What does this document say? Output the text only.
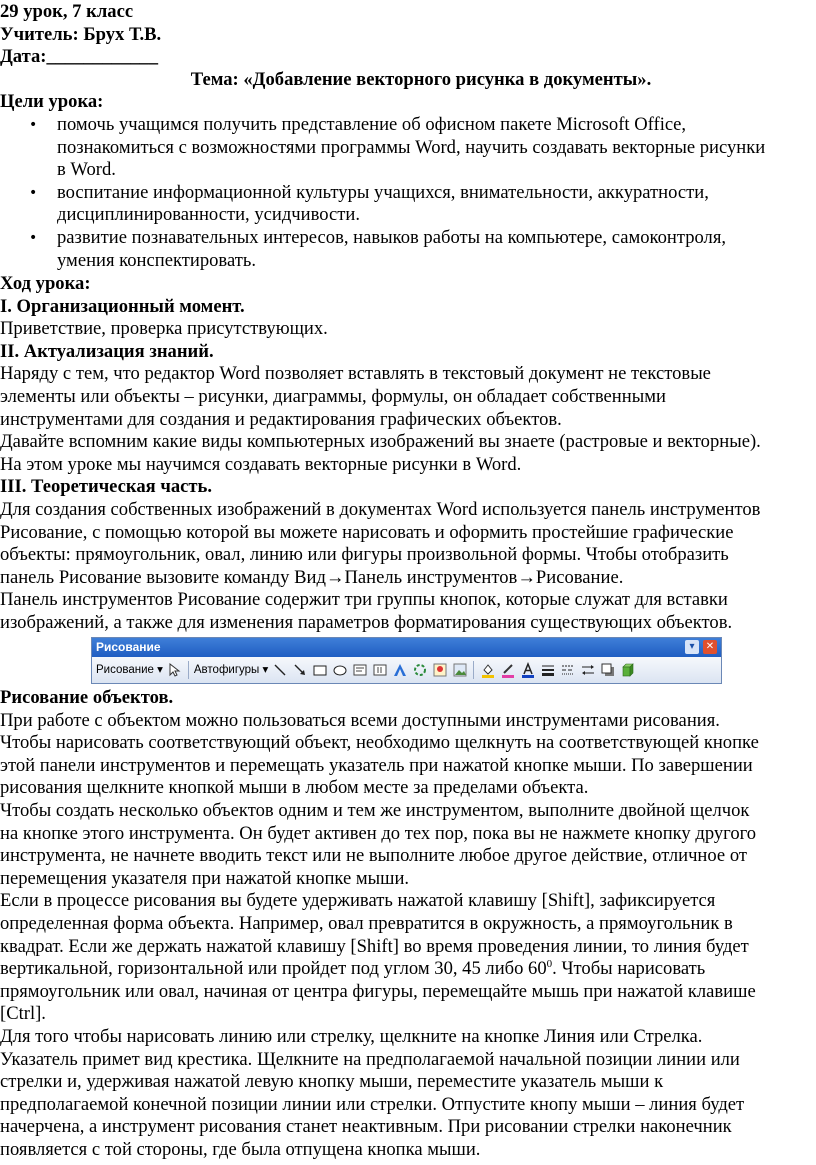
29 урок, 7 класс
Учитель: Брух Т.В.
Дата:____________
Тема: «Добавление векторного рисунка в документы».
Цели урока:
• помочь учащимся получить представление об офисном пакете Microsoft Office,
познакомиться с возможностями программы Word, научить создавать векторные рисунки
в Word.
• воспитание информационной культуры учащихся, внимательности, аккуратности,
дисциплинированности, усидчивости.
• развитие познавательных интересов, навыков работы на компьютере, самоконтроля,
умения конспектировать.
Ход урока:
I. Организационный момент.
Приветствие, проверка присутствующих.
II. Актуализация знаний.
Наряду с тем, что редактор Word позволяет вставлять в текстовый документ не текстовые
элементы или объекты – рисунки, диаграммы, формулы, он обладает собственными
инструментами для создания и редактирования графических объектов.
Давайте вспомним какие виды компьютерных изображений вы знаете (растровые и векторные).
На этом уроке мы научимся создавать векторные рисунки в Word.
III. Теоретическая часть.
Для создания собственных изображений в документах Word используется панель инструментов
Рисование, с помощью которой вы можете нарисовать и оформить простейшие графические
объекты: прямоугольник, овал, линию или фигуры произвольной формы. Чтобы отобразить
панель Рисование вызовите команду Вид→Панель инструментов→Рисование.
Панель инструментов Рисование содержит три группы кнопок, которые служат для вставки
изображений, а также для изменения параметров форматирования существующих объектов.
Рисование	▾	✕
Рисование ▾	Автофигуры ▾
Рисование объектов.
При работе с объектом можно пользоваться всеми доступными инструментами рисования.
Чтобы нарисовать соответствующий объект, необходимо щелкнуть на соответствующей кнопке
этой панели инструментов и перемещать указатель при нажатой кнопке мыши. По завершении
рисования щелкните кнопкой мыши в любом месте за пределами объекта.
Чтобы создать несколько объектов одним и тем же инструментом, выполните двойной щелчок
на кнопке этого инструмента. Он будет активен до тех пор, пока вы не нажмете кнопку другого
инструмента, не начнете вводить текст или не выполните любое другое действие, отличное от
перемещения указателя при нажатой кнопке мыши.
Если в процессе рисования вы будете удерживать нажатой клавишу [Shift], зафиксируется
определенная форма объекта. Например, овал превратится в окружность, а прямоугольник в
квадрат. Если же держать нажатой клавишу [Shift] во время проведения линии, то линия будет
вертикальной, горизонтальной или пройдет под углом 30, 45 либо $60^0$. Чтобы нарисовать
прямоугольник или овал, начиная от центра фигуры, перемещайте мышь при нажатой клавише
[Ctrl].
Для того чтобы нарисовать линию или стрелку, щелкните на кнопке Линия или Стрелка.
Указатель примет вид крестика. Щелкните на предполагаемой начальной позиции линии или
стрелки и, удерживая нажатой левую кнопку мыши, переместите указатель мыши к
предполагаемой конечной позиции линии или стрелки. Отпустите кнопу мыши – линия будет
начерчена, а инструмент рисования станет неактивным. При рисовании стрелки наконечник
появляется с той стороны, где была отпущена кнопка мыши.
